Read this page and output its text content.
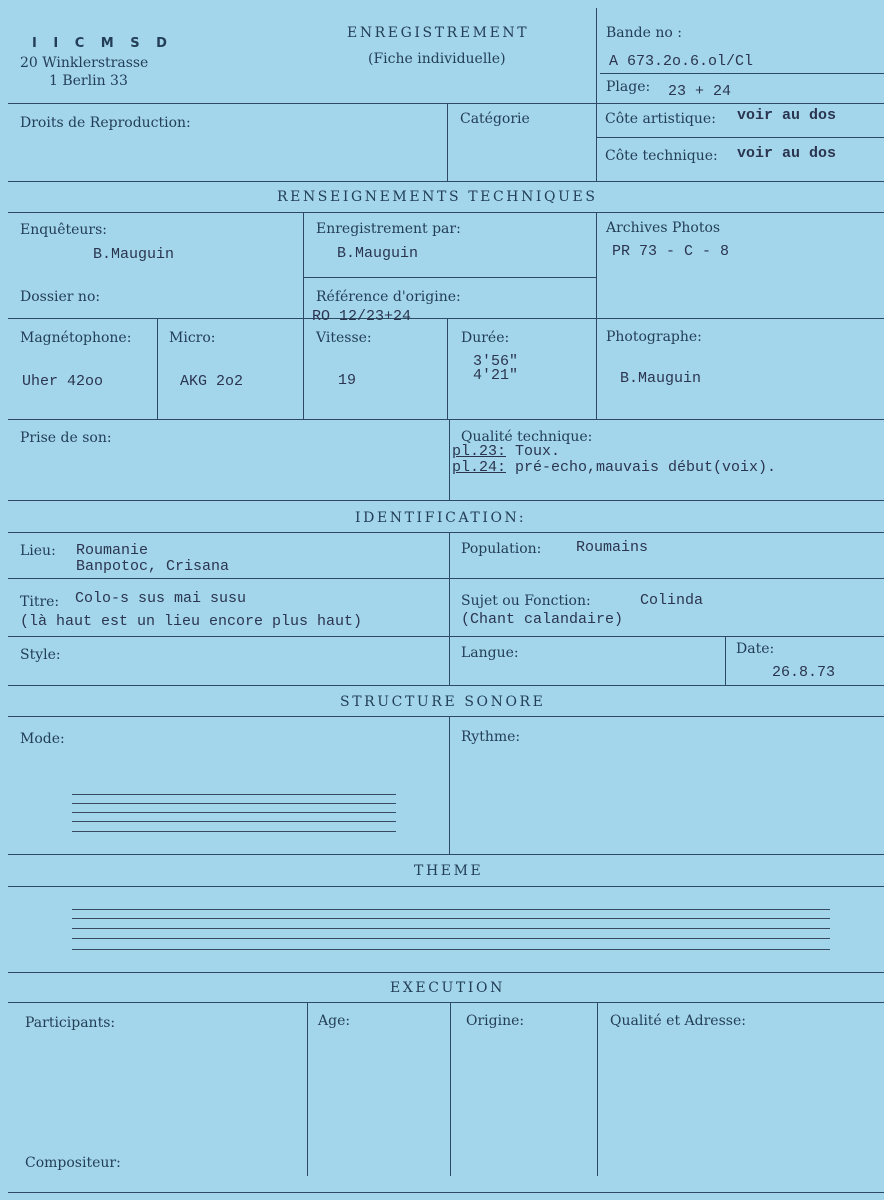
I I C M S D
20 Winklerstrasse
1 Berlin 33
ENREGISTREMENT
(Fiche individuelle)
Bande no :
A 673.2o.6.ol/Cl
Plage: 23 + 24
Droits de Reproduction:	Catégorie	Côte artistique: voir au dos
Côte technique: voir au dos
RENSEIGNEMENTS TECHNIQUES
Enquêteurs:
B.Mauguin
Enregistrement par:
B.Mauguin
Archives Photos
PR 73 - C - 8
Dossier no:	Référence d'origine:
RO 12/23+24
Magnétophone:
Uher 42oo
Micro:
AKG 2o2
Vitesse:
19
Durée:
3'56"
4'21"
Photographe:
B.Mauguin
Prise de son:	Qualité technique:
pl.23: Toux.
pl.24: pré-echo,mauvais début(voix).
IDENTIFICATION:
Lieu: Roumanie
Banpotoc, Crisana
Population: Roumains
Titre: Colo-s sus mai susu
(là haut est un lieu encore plus haut)
Sujet ou Fonction:	Colinda
(Chant calandaire)
Style:	Langue:	Date:
26.8.73
STRUCTURE SONORE
Mode:	Rythme:
THEME
EXECUTION
Participants:	Age:	Origine:	Qualité et Adresse:
Compositeur:
